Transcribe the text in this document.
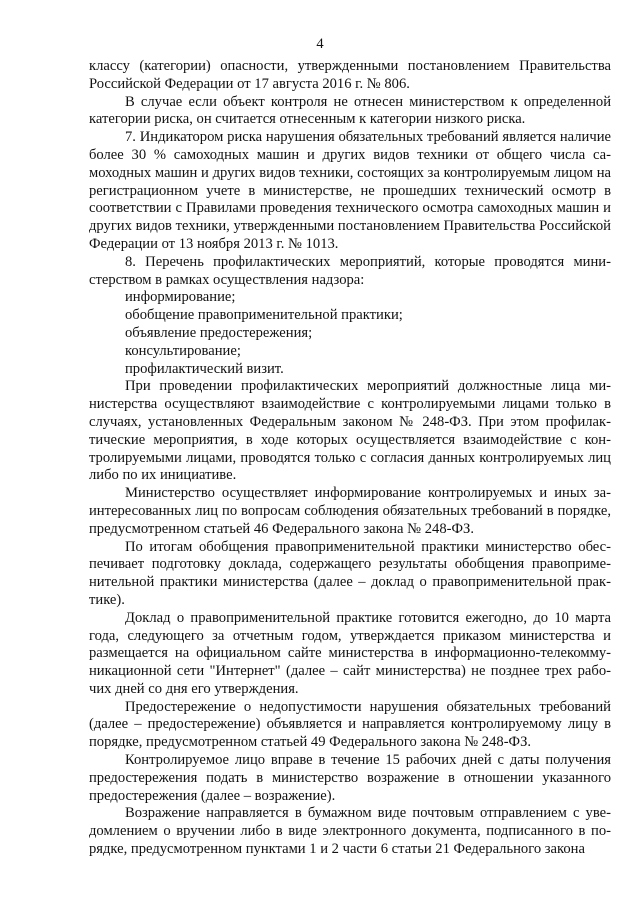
4

классу (категории) опасности, утвержденными постановлением Правительства Российской Федерации от 17 августа 2016 г. № 806.

В случае если объект контроля не отнесен министерством к определенной категории риска, он считается отнесенным к категории низкого риска.

7. Индикатором риска нарушения обязательных требований является наличие более 30 % самоходных машин и других видов техники от общего числа самоходных машин и других видов техники, состоящих за контролируемым лицом на регистрационном учете в министерстве, не прошедших технический осмотр в соответствии с Правилами проведения технического осмотра самоходных машин и других видов техники, утвержденными постановлением Правительства Российской Федерации от 13 ноября 2013 г. № 1013.

8. Перечень профилактических мероприятий, которые проводятся министерством в рамках осуществления надзора:

информирование;
обобщение правоприменительной практики;
объявление предостережения;
консультирование;
профилактический визит.

При проведении профилактических мероприятий должностные лица министерства осуществляют взаимодействие с контролируемыми лицами только в случаях, установленных Федеральным законом № 248-ФЗ. При этом профилактические мероприятия, в ходе которых осуществляется взаимодействие с контролируемыми лицами, проводятся только с согласия данных контролируемых лиц либо по их инициативе.

Министерство осуществляет информирование контролируемых и иных заинтересованных лиц по вопросам соблюдения обязательных требований в порядке, предусмотренном статьей 46 Федерального закона № 248-ФЗ.

По итогам обобщения правоприменительной практики министерство обеспечивает подготовку доклада, содержащего результаты обобщения правоприменительной практики министерства (далее – доклад о правоприменительной практике).

Доклад о правоприменительной практике готовится ежегодно, до 10 марта года, следующего за отчетным годом, утверждается приказом министерства и размещается на официальном сайте министерства в информационно-телекоммуникационной сети "Интернет" (далее – сайт министерства) не позднее трех рабочих дней со дня его утверждения.

Предостережение о недопустимости нарушения обязательных требований (далее – предостережение) объявляется и направляется контролируемому лицу в порядке, предусмотренном статьей 49 Федерального закона № 248-ФЗ.

Контролируемое лицо вправе в течение 15 рабочих дней с даты получения предостережения подать в министерство возражение в отношении указанного предостережения (далее – возражение).

Возражение направляется в бумажном виде почтовым отправлением с уведомлением о вручении либо в виде электронного документа, подписанного в порядке, предусмотренном пунктами 1 и 2 части 6 статьи 21 Федерального закона
